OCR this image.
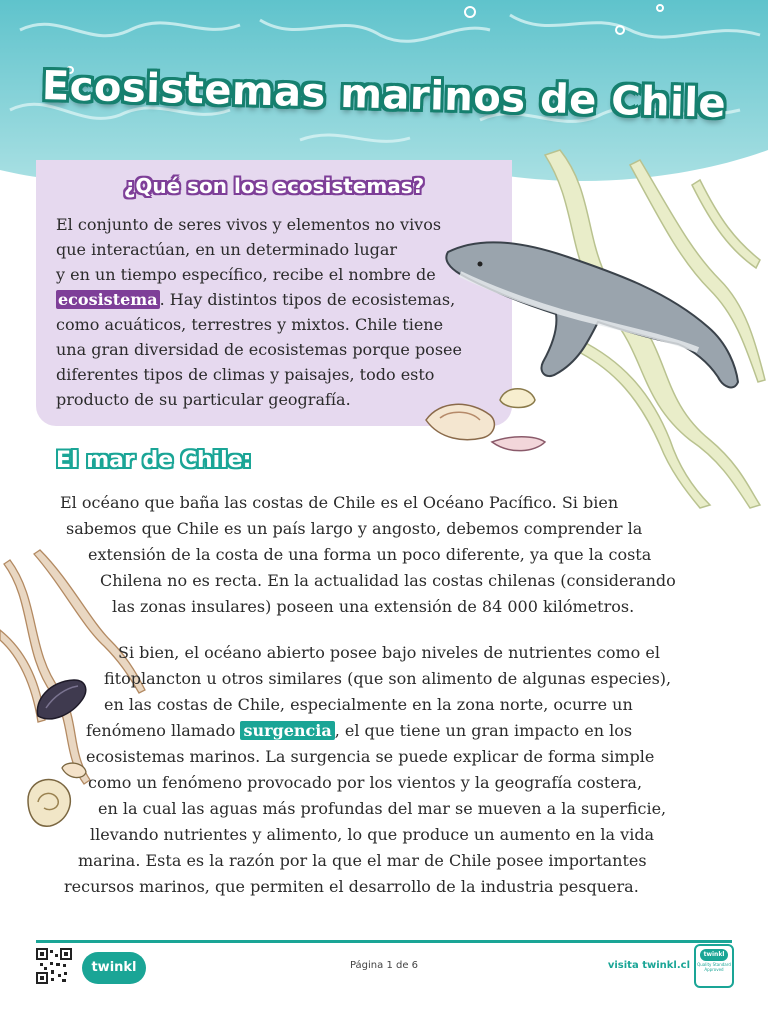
Ecosistemas marinos de Chile
¿Qué son los ecosistemas?
El conjunto de seres vivos y elementos no vivos
que interactúan, en un determinado lugar
y en un tiempo específico, recibe el nombre de
ecosistema . Hay distintos tipos de ecosistemas,
como acuáticos, terrestres y mixtos. Chile tiene
una gran diversidad de ecosistemas porque posee
diferentes tipos de climas y paisajes, todo esto
producto de su particular geografía.
El mar de Chile:
El océano que baña las costas de Chile es el Océano Pacífico. Si bien
sabemos que Chile es un país largo y angosto, debemos comprender la
extensión de la costa de una forma un poco diferente, ya que la costa
Chilena no es recta. En la actualidad las costas chilenas (considerando
las zonas insulares) poseen una extensión de 84 000 kilómetros.
Si bien, el océano abierto posee bajo niveles de nutrientes como el
fitoplancton u otros similares (que son alimento de algunas especies),
en las costas de Chile, especialmente en la zona norte, ocurre un
fenómeno llamado surgencia , el que tiene un gran impacto en los
ecosistemas marinos. La surgencia se puede explicar de forma simple
como un fenómeno provocado por los vientos y la geografía costera,
en la cual las aguas más profundas del mar se mueven a la superficie,
llevando nutrientes y alimento, lo que produce un aumento en la vida
marina. Esta es la razón por la que el mar de Chile posee importantes
recursos marinos, que permiten el desarrollo de la industria pesquera.
twinkl	Página 1 de 6	visita twinkl.cl
twinkl
Quality Standard Approved
